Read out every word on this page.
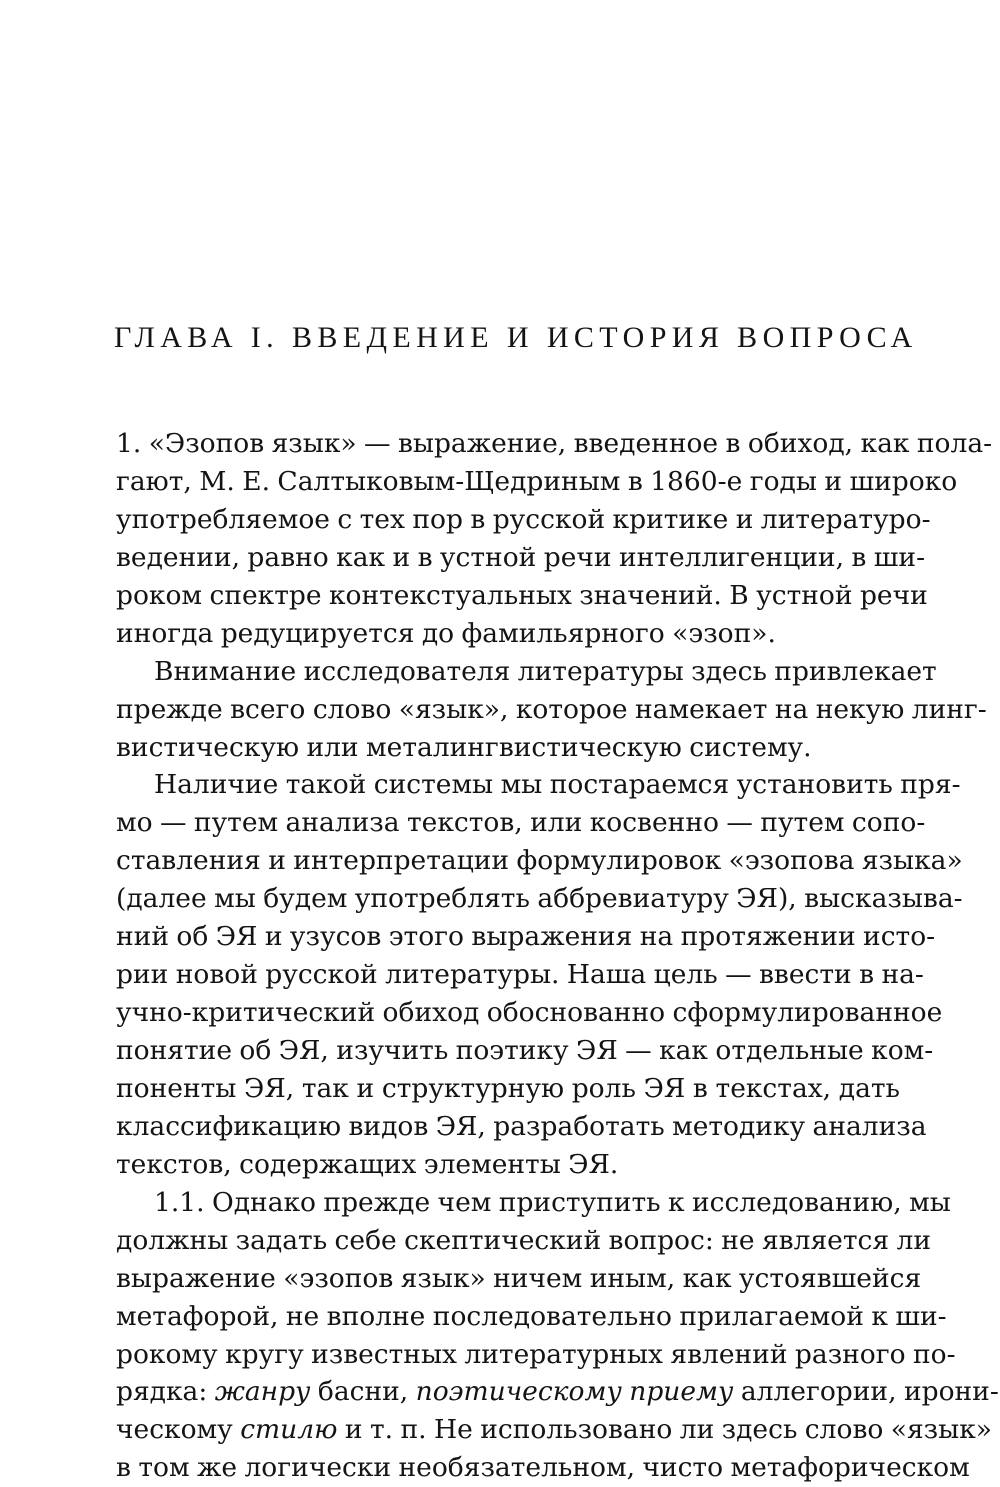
ГЛАВА I. ВВЕДЕНИЕ И ИСТОРИЯ ВОПРОСА
1. «Эзопов язык» — выражение, введенное в обиход, как пола-
гают, М. Е. Салтыковым-Щедриным в 1860-е годы и широко
употребляемое с тех пор в русской критике и литературо-
ведении, равно как и в устной речи интеллигенции, в ши-
роком спектре контекстуальных значений. В устной речи
иногда редуцируется до фамильярного «эзоп».
Внимание исследователя литературы здесь привлекает
прежде всего слово «язык», которое намекает на некую линг-
вистическую или металингвистическую систему.
Наличие такой системы мы постараемся установить пря-
мо — путем анализа текстов, или косвенно — путем сопо-
ставления и интерпретации формулировок «эзопова языка»
(далее мы будем употреблять аббревиатуру ЭЯ), высказыва-
ний об ЭЯ и узусов этого выражения на протяжении исто-
рии новой русской литературы. Наша цель — ввести в на-
учно-критический обиход обоснованно сформулированное
понятие об ЭЯ, изучить поэтику ЭЯ — как отдельные ком-
поненты ЭЯ, так и структурную роль ЭЯ в текстах, дать
классификацию видов ЭЯ, разработать методику анализа
текстов, содержащих элементы ЭЯ.
1.1. Однако прежде чем приступить к исследованию, мы
должны задать себе скептический вопрос: не является ли
выражение «эзопов язык» ничем иным, как устоявшейся
метафорой, не вполне последовательно прилагаемой к ши-
рокому кругу известных литературных явлений разного по-
рядка: жанру басни, поэтическому приему аллегории, ирони-
ческому стилю и т. п. Не использовано ли здесь слово «язык»
в том же логически необязательном, чисто метафорическом
